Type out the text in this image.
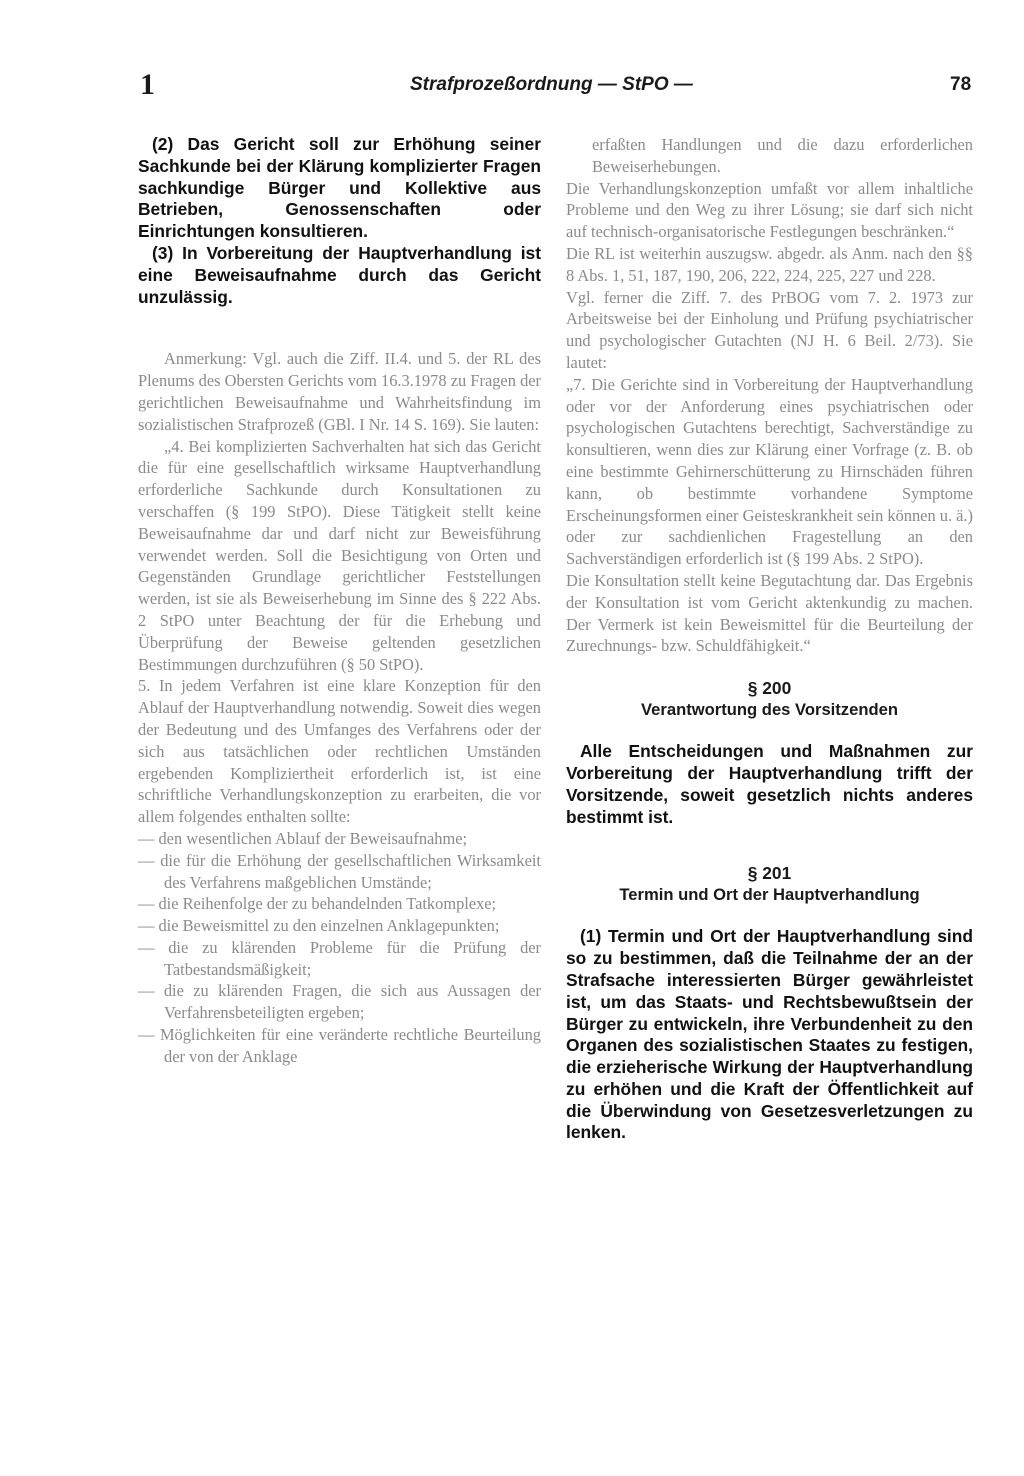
1	Strafprozeßordnung — StPO —	78

(2) Das Gericht soll zur Erhöhung seiner Sachkunde bei der Klärung komplizierter Fragen sachkundige Bürger und Kollektive aus Betrieben, Genossenschaften oder Einrichtungen konsultieren.

(3) In Vorbereitung der Hauptverhandlung ist eine Beweisaufnahme durch das Gericht unzulässig.

Anmerkung: Vgl. auch die Ziff. II.4. und 5. der RL des Plenums des Obersten Gerichts vom 16.3.1978 zu Fragen der gerichtlichen Beweisaufnahme und Wahrheitsfindung im sozialistischen Strafprozeß (GBl. I Nr. 14 S. 169). Sie lauten:

„4. Bei komplizierten Sachverhalten hat sich das Gericht die für eine gesellschaftlich wirksame Hauptverhandlung erforderliche Sachkunde durch Konsultationen zu verschaffen (§ 199 StPO). Diese Tätigkeit stellt keine Beweisaufnahme dar und darf nicht zur Beweisführung verwendet werden. Soll die Besichtigung von Orten und Gegenständen Grundlage gerichtlicher Feststellungen werden, ist sie als Beweiserhebung im Sinne des § 222 Abs. 2 StPO unter Beachtung der für die Erhebung und Überprüfung der Beweise geltenden gesetzlichen Bestimmungen durchzuführen (§ 50 StPO).

5. In jedem Verfahren ist eine klare Konzeption für den Ablauf der Hauptverhandlung notwendig. Soweit dies wegen der Bedeutung und des Umfanges des Verfahrens oder der sich aus tatsächlichen oder rechtlichen Umständen ergebenden Kompliziertheit erforderlich ist, ist eine schriftliche Verhandlungskonzeption zu erarbeiten, die vor allem folgendes enthalten sollte:

— den wesentlichen Ablauf der Beweisaufnahme;

— die für die Erhöhung der gesellschaftlichen Wirksamkeit des Verfahrens maßgeblichen Umstände;

— die Reihenfolge der zu behandelnden Tatkomplexe;

— die Beweismittel zu den einzelnen Anklagepunkten;

— die zu klärenden Probleme für die Prüfung der Tatbestandsmäßigkeit;

— die zu klärenden Fragen, die sich aus Aussagen der Verfahrensbeteiligten ergeben;

— Möglichkeiten für eine veränderte rechtliche Beurteilung der von der Anklage

erfaßten Handlungen und die dazu erforderlichen Beweiserhebungen.

Die Verhandlungskonzeption umfaßt vor allem inhaltliche Probleme und den Weg zu ihrer Lösung; sie darf sich nicht auf technisch-organisatorische Festlegungen beschränken.“

Die RL ist weiterhin auszugsw. abgedr. als Anm. nach den §§ 8 Abs. 1, 51, 187, 190, 206, 222, 224, 225, 227 und 228.

Vgl. ferner die Ziff. 7. des PrBOG vom 7. 2. 1973 zur Arbeitsweise bei der Einholung und Prüfung psychiatrischer und psychologischer Gutachten (NJ H. 6 Beil. 2/73). Sie lautet:

„7. Die Gerichte sind in Vorbereitung der Hauptverhandlung oder vor der Anforderung eines psychiatrischen oder psychologischen Gutachtens berechtigt, Sachverständige zu konsultieren, wenn dies zur Klärung einer Vorfrage (z. B. ob eine bestimmte Gehirnerschütterung zu Hirnschäden führen kann, ob bestimmte vorhandene Symptome Erscheinungsformen einer Geisteskrankheit sein können u. ä.) oder zur sachdienlichen Fragestellung an den Sachverständigen erforderlich ist (§ 199 Abs. 2 StPO).

Die Konsultation stellt keine Begutachtung dar. Das Ergebnis der Konsultation ist vom Gericht aktenkundig zu machen. Der Vermerk ist kein Beweismittel für die Beurteilung der Zurechnungs- bzw. Schuldfähigkeit.“

§ 200

Verantwortung des Vorsitzenden

Alle Entscheidungen und Maßnahmen zur Vorbereitung der Hauptverhandlung trifft der Vorsitzende, soweit gesetzlich nichts anderes bestimmt ist.

§ 201

Termin und Ort der Hauptverhandlung

(1) Termin und Ort der Hauptverhandlung sind so zu bestimmen, daß die Teilnahme der an der Strafsache interessierten Bürger gewährleistet ist, um das Staats- und Rechtsbewußtsein der Bürger zu entwickeln, ihre Verbundenheit zu den Organen des sozialistischen Staates zu festigen, die erzieherische Wirkung der Hauptverhandlung zu erhöhen und die Kraft der Öffentlichkeit auf die Überwindung von Gesetzesverletzungen zu lenken.
